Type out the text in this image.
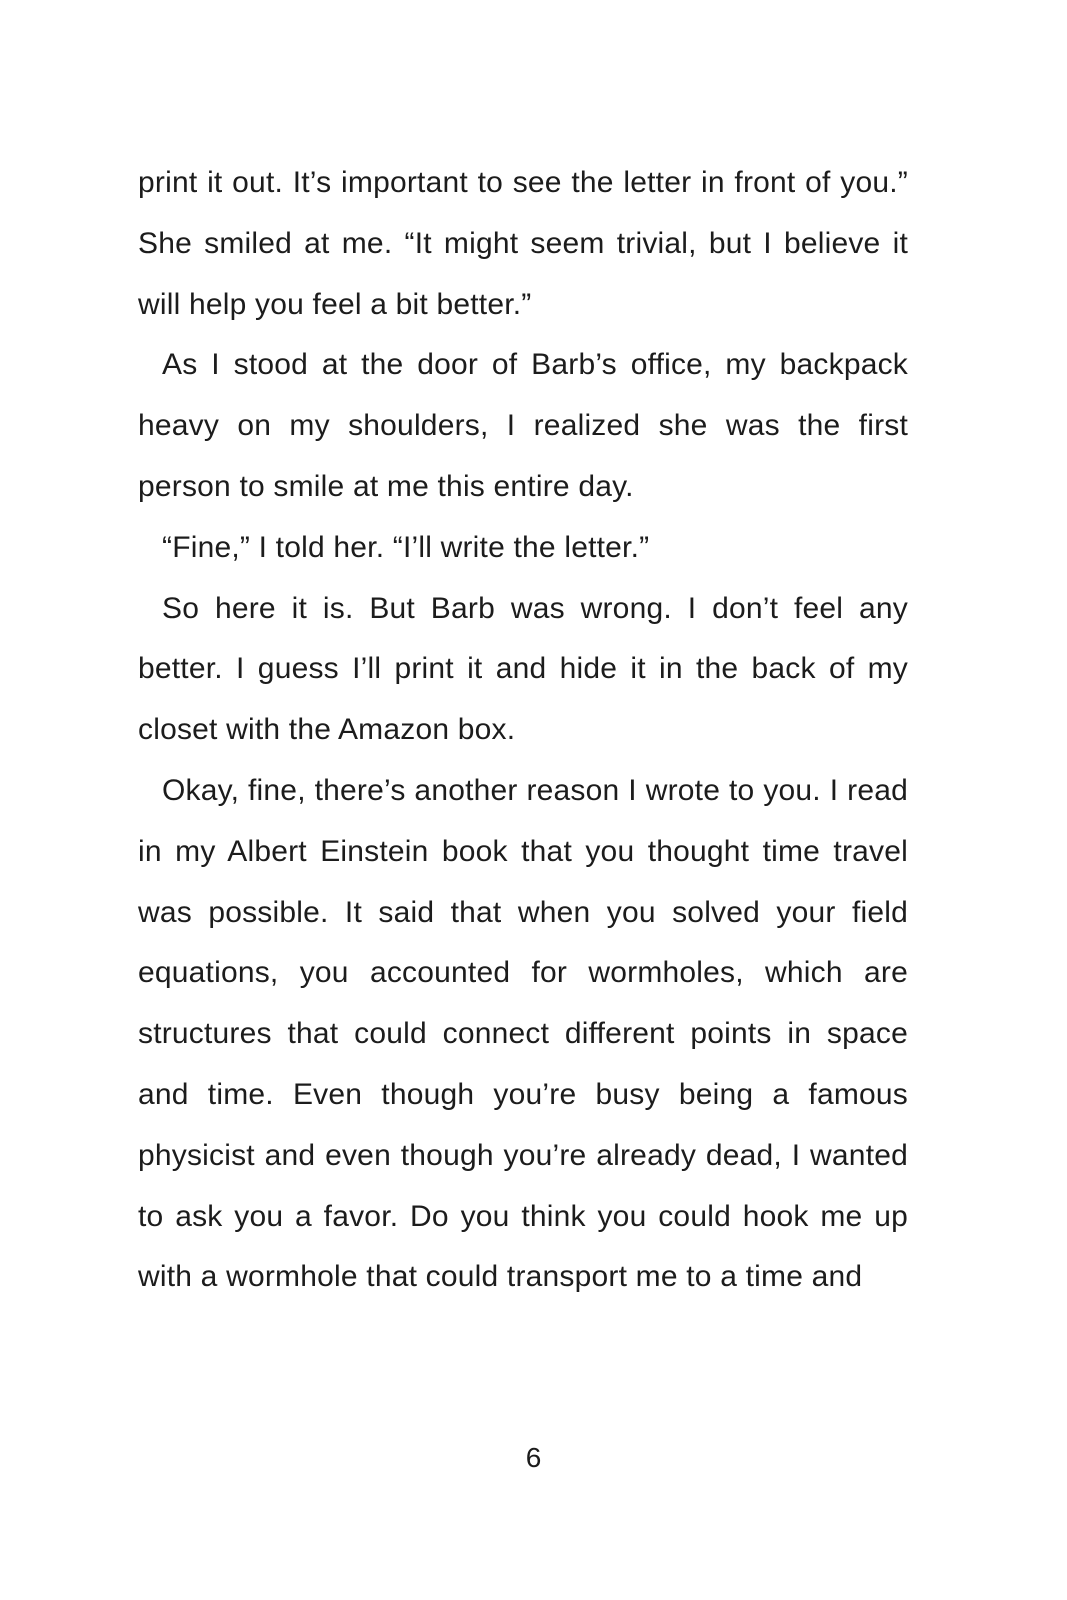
print it out. It’s important to see the letter in front of you.” She smiled at me. “It might seem trivial, but I believe it will help you feel a bit better.”

As I stood at the door of Barb’s office, my backpack heavy on my shoulders, I realized she was the first person to smile at me this entire day.

“Fine,” I told her. “I’ll write the letter.”

So here it is. But Barb was wrong. I don’t feel any better. I guess I’ll print it and hide it in the back of my closet with the Amazon box.

Okay, fine, there’s another reason I wrote to you. I read in my Albert Einstein book that you thought time travel was possible. It said that when you solved your field equations, you accounted for wormholes, which are structures that could connect different points in space and time. Even though you’re busy being a famous physicist and even though you’re already dead, I wanted to ask you a favor. Do you think you could hook me up with a wormhole that could transport me to a time and

6
